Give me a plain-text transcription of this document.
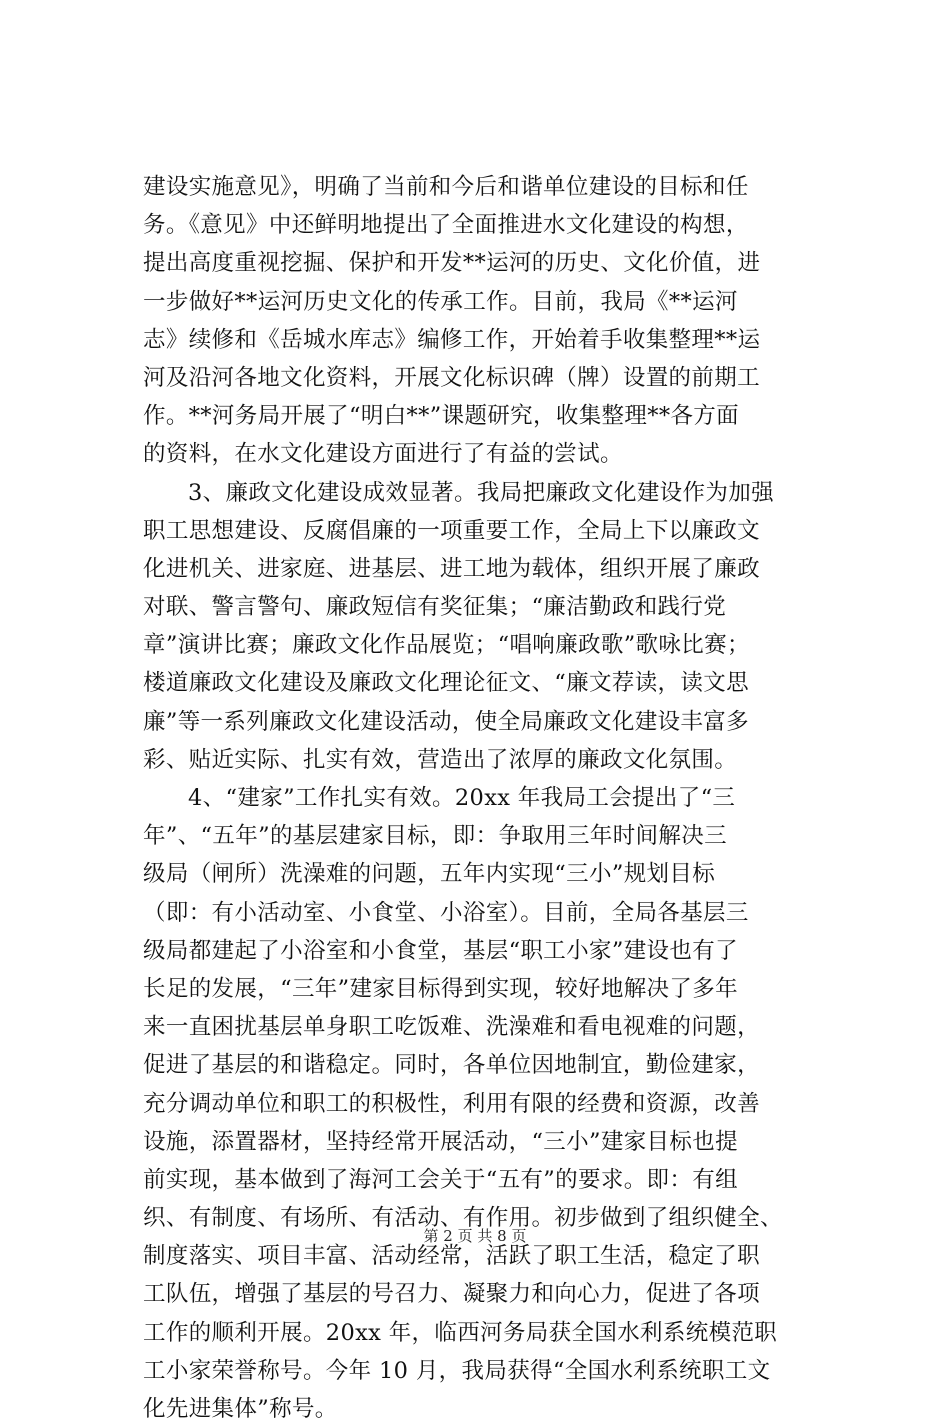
建设实施意见》，明确了当前和今后和谐单位建设的目标和任
务。《意见》中还鲜明地提出了全面推进水文化建设的构想，
提出高度重视挖掘、保护和开发**运河的历史、文化价值，进
一步做好**运河历史文化的传承工作。目前，我局《**运河
志》续修和《岳城水库志》编修工作，开始着手收集整理**运
河及沿河各地文化资料，开展文化标识碑（牌）设置的前期工
作。**河务局开展了“明白**”课题研究，收集整理**各方面
的资料，在水文化建设方面进行了有益的尝试。
3、廉政文化建设成效显著。我局把廉政文化建设作为加强
职工思想建设、反腐倡廉的一项重要工作，全局上下以廉政文
化进机关、进家庭、进基层、进工地为载体，组织开展了廉政
对联、警言警句、廉政短信有奖征集；“廉洁勤政和践行党
章”演讲比赛；廉政文化作品展览；“唱响廉政歌”歌咏比赛；
楼道廉政文化建设及廉政文化理论征文、“廉文荐读，读文思
廉”等一系列廉政文化建设活动，使全局廉政文化建设丰富多
彩、贴近实际、扎实有效，营造出了浓厚的廉政文化氛围。
4、“建家”工作扎实有效。20xx 年我局工会提出了“三
年”、“五年”的基层建家目标，即：争取用三年时间解决三
级局（闸所）洗澡难的问题，五年内实现“三小”规划目标
（即：有小活动室、小食堂、小浴室）。目前，全局各基层三
级局都建起了小浴室和小食堂，基层“职工小家”建设也有了
长足的发展，“三年”建家目标得到实现，较好地解决了多年
来一直困扰基层单身职工吃饭难、洗澡难和看电视难的问题，
促进了基层的和谐稳定。同时，各单位因地制宜，勤俭建家，
充分调动单位和职工的积极性，利用有限的经费和资源，改善
设施，添置器材，坚持经常开展活动，“三小”建家目标也提
前实现，基本做到了海河工会关于“五有”的要求。即：有组
织、有制度、有场所、有活动、有作用。初步做到了组织健全、
制度落实、项目丰富、活动经常，活跃了职工生活，稳定了职
工队伍，增强了基层的号召力、凝聚力和向心力，促进了各项
工作的顺利开展。20xx 年，临西河务局获全国水利系统模范职
工小家荣誉称号。今年 10 月，我局获得“全国水利系统职工文
化先进集体”称号。
第 2 页 共 8 页
